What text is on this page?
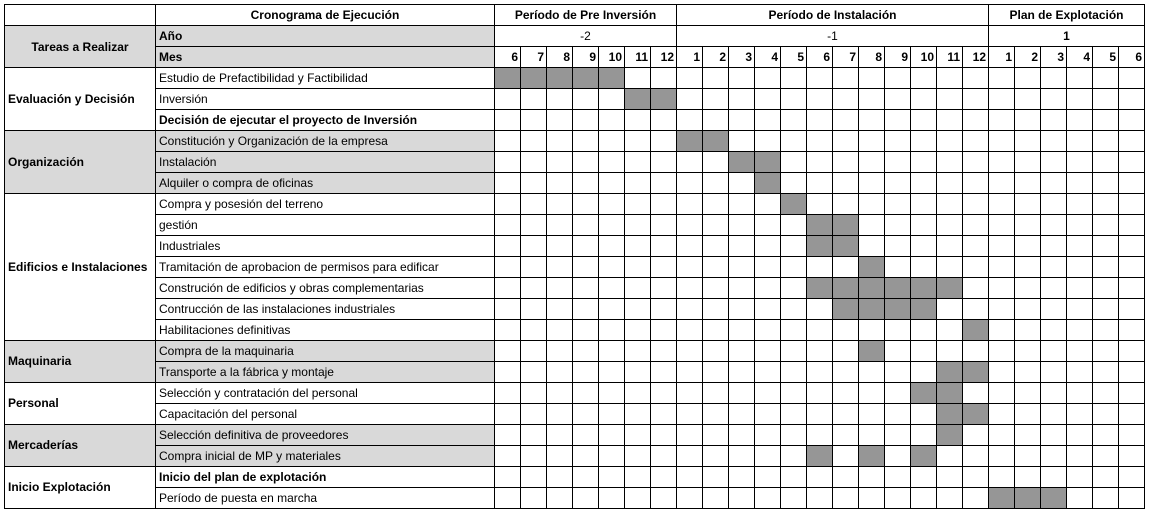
	Cronograma de Ejecución	Período de Pre Inversión							Período de Instalación												Plan de Explotación					
Tareas a Realizar	Año	-2							-1												1					
	Mes	6	7	8	9	10	11	12	1	2	3	4	5	6	7	8	9	10	11	12	1	2	3	4	5	6
Evaluación y Decisión	Estudio de Prefactibilidad y Factibilidad																									
	Inversión																									
	Decisión de ejecutar el proyecto de Inversión																									
Organización	Constitución y Organización de la empresa																									
	Instalación																									
	Alquiler o compra de oficinas																									
Edificios e Instalaciones	Compra y posesión del terreno																									
	gestión																									
	Industriales																									
	Tramitación de aprobacion de permisos para edificar																									
	Construción de edificios y obras complementarias																									
	Contrucción de las instalaciones industriales																									
	Habilitaciones definitivas																									
Maquinaria	Compra de la maquinaria																									
	Transporte a la fábrica y montaje																									
Personal	Selección y contratación del personal																									
	Capacitación del personal																									
Mercaderías	Selección definitiva de proveedores																									
	Compra inicial de MP y materiales																									
Inicio Explotación	Inicio del plan de explotación																									
	Período de puesta en marcha																									
